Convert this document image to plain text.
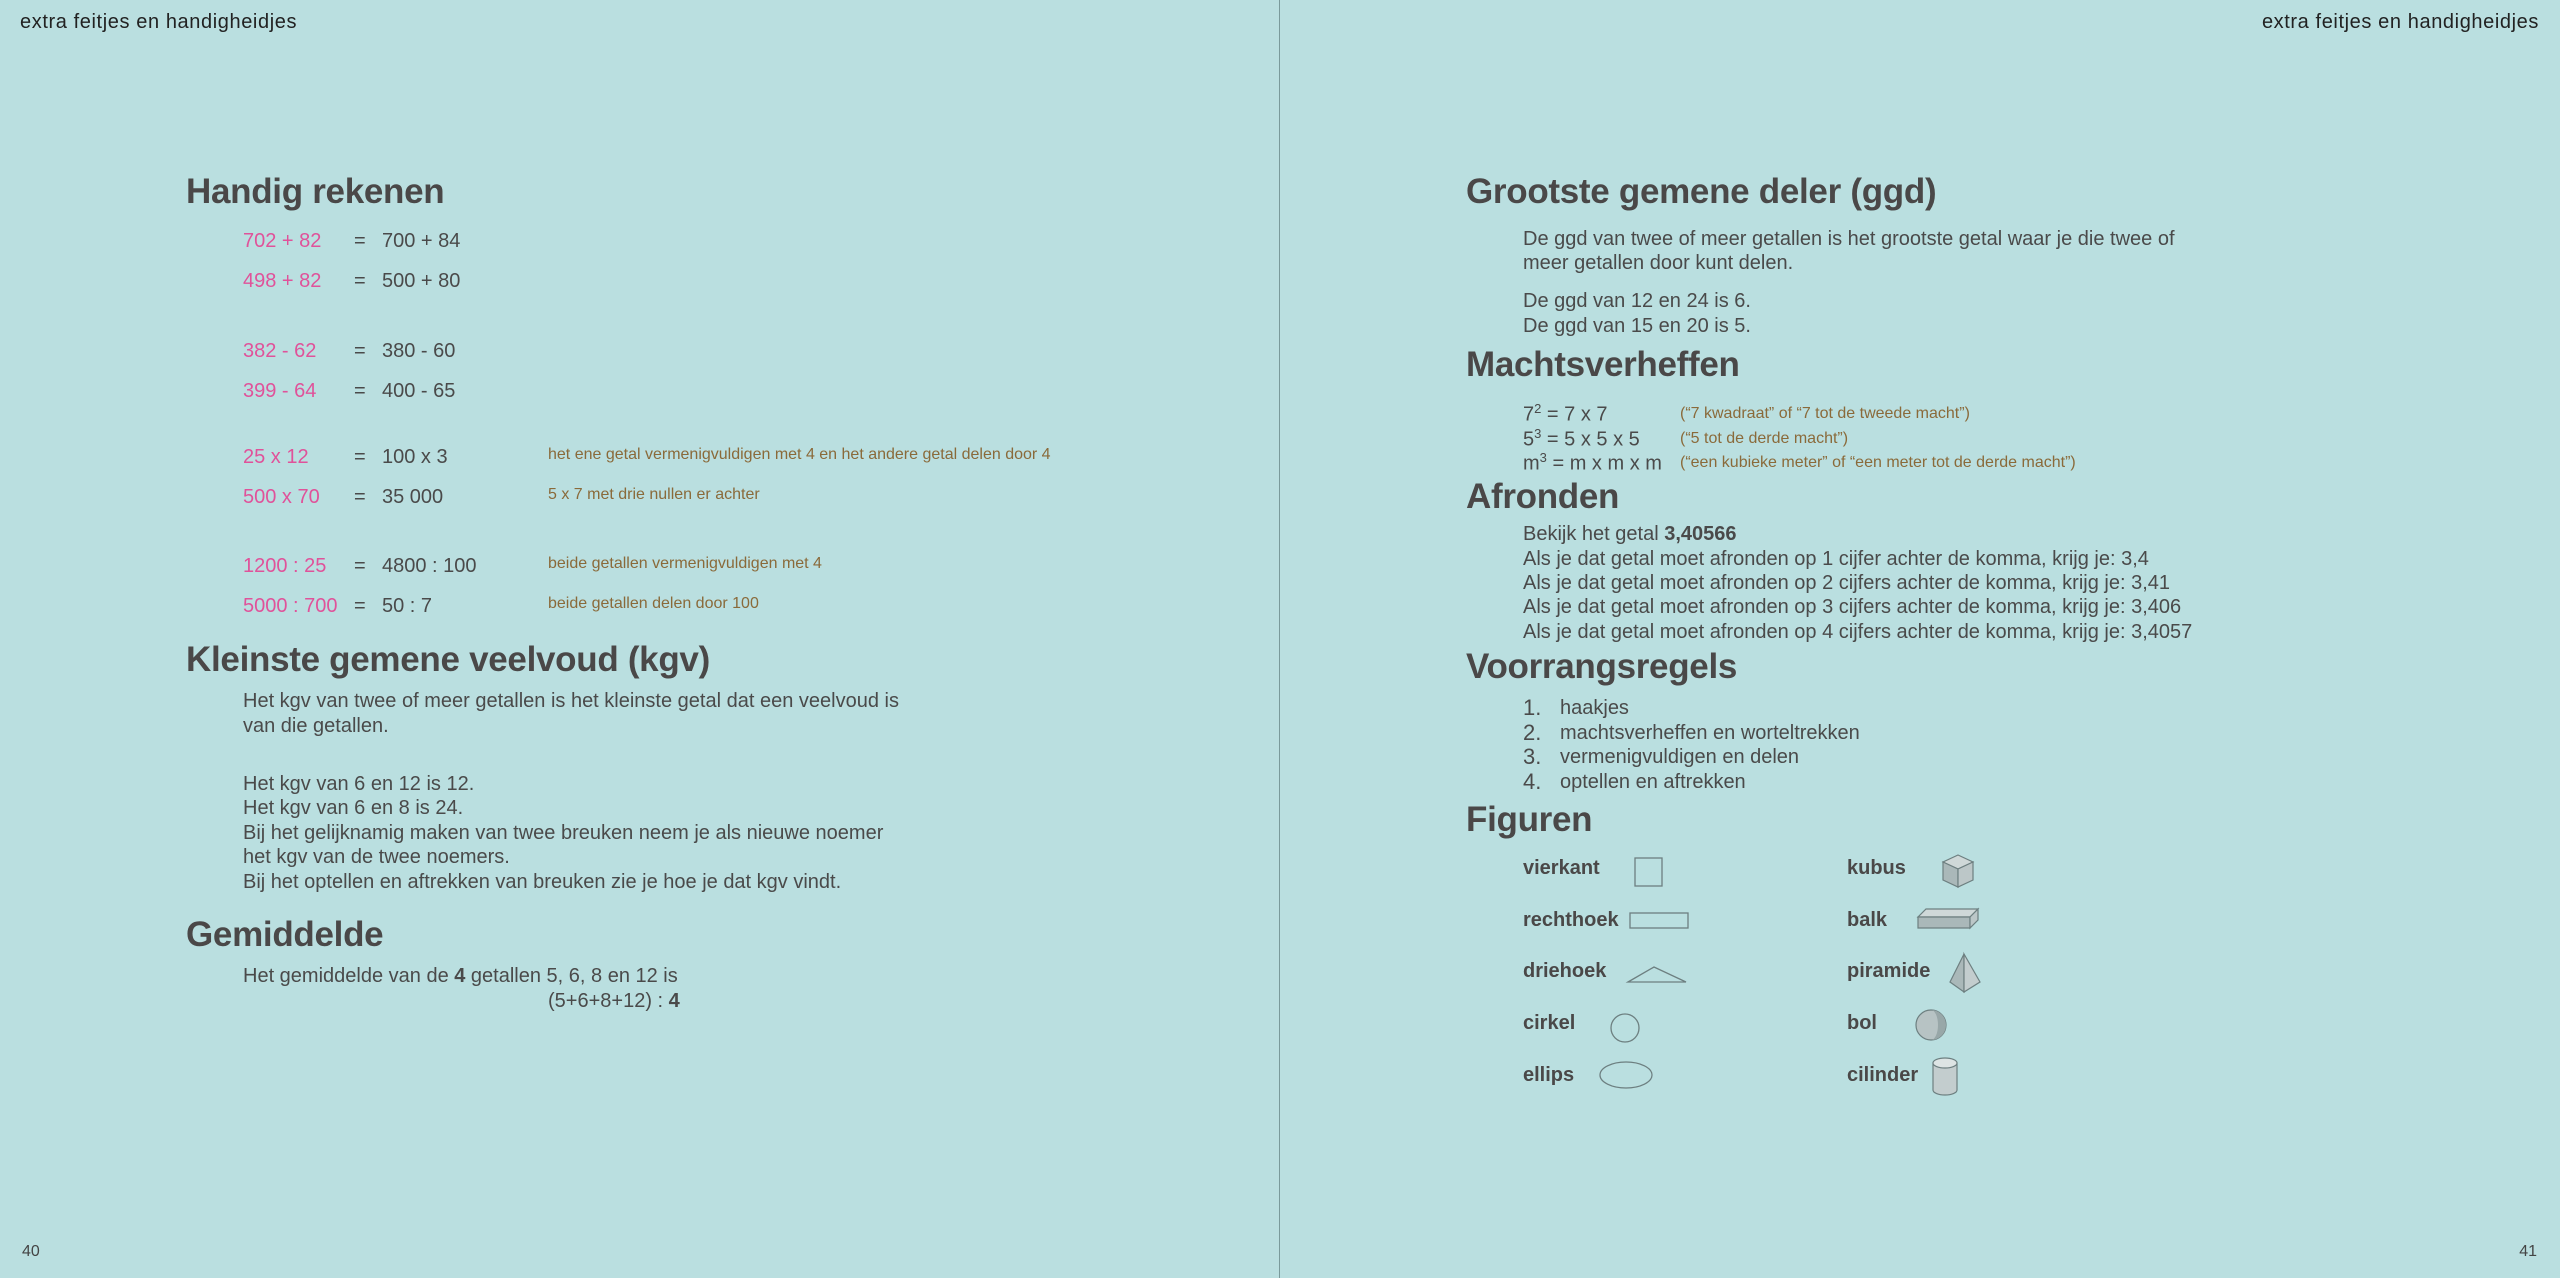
extra feitjes en handigheidjes
Handig rekenen
702 + 82 = 700 + 84
498 + 82 = 500 + 80
382 - 62 = 380 - 60
399 - 64 = 400 - 65
25 x 12 = 100 x 3	het ene getal vermenigvuldigen met 4 en het andere getal delen door 4
500 x 70 = 35 000	5 x 7 met drie nullen er achter
1200 : 25 = 4800 : 100	beide getallen vermenigvuldigen met 4
5000 : 700 = 50 : 7	beide getallen delen door 100
Kleinste gemene veelvoud (kgv)
Het kgv van twee of meer getallen is het kleinste getal dat een veelvoud is
van die getallen.
Het kgv van 6 en 12 is 12.
Het kgv van 6 en 8 is 24.
Bij het gelijknamig maken van twee breuken neem je als nieuwe noemer
het kgv van de twee noemers.
Bij het optellen en aftrekken van breuken zie je hoe je dat kgv vindt.
Gemiddelde
Het gemiddelde van de 4 getallen 5, 6, 8 en 12 is
(5+6+8+12) : 4
40
extra feitjes en handigheidjes
Grootste gemene deler (ggd)
De ggd van twee of meer getallen is het grootste getal waar je die twee of
meer getallen door kunt delen.
De ggd van 12 en 24 is 6.
De ggd van 15 en 20 is 5.
Machtsverheffen
$7^2 = 7$ x 7	(“7 kwadraat” of “7 tot de tweede macht”)
$5^3 = 5$ x 5 x 5	(“5 tot de derde macht”)
$m^3 = m$ x m x m (“een kubieke meter” of “een meter tot de derde macht”)
Afronden
Bekijk het getal 3,40566
Als je dat getal moet afronden op 1 cijfer achter de komma, krijg je: 3,4
Als je dat getal moet afronden op 2 cijfers achter de komma, krijg je: 3,41
Als je dat getal moet afronden op 3 cijfers achter de komma, krijg je: 3,406
Als je dat getal moet afronden op 4 cijfers achter de komma, krijg je: 3,4057
Voorrangsregels
1. haakjes
2. machtsverheffen en worteltrekken
3. vermenigvuldigen en delen
4. optellen en aftrekken
Figuren
vierkant
rechthoek
driehoek
cirkel
ellips
kubus
balk
piramide
bol
cilinder
41
